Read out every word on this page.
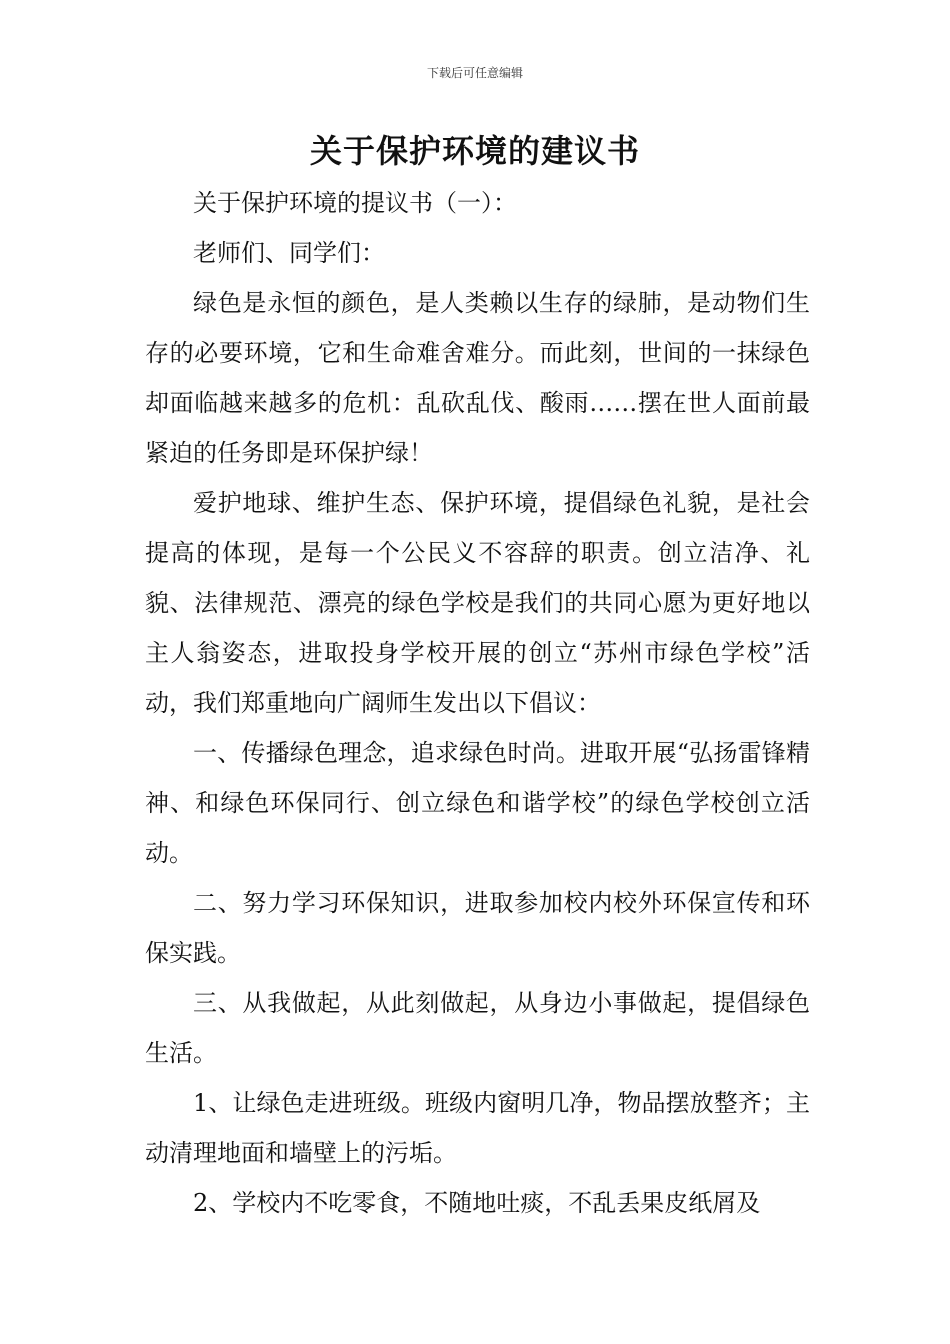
下载后可任意编辑
关于保护环境的建议书

关于保护环境的提议书（一）：

老师们、同学们：

绿色是永恒的颜色，是人类赖以生存的绿肺，是动物们生存的必要环境，它和生命难舍难分。而此刻，世间的一抹绿色却面临越来越多的危机：乱砍乱伐、酸雨……摆在世人面前最紧迫的任务即是环保护绿！

爱护地球、维护生态、保护环境，提倡绿色礼貌，是社会提高的体现，是每一个公民义不容辞的职责。创立洁净、礼貌、法律规范、漂亮的绿色学校是我们的共同心愿为更好地以主人翁姿态，进取投身学校开展的创立“苏州市绿色学校”活动，我们郑重地向广阔师生发出以下倡议：

一、传播绿色理念，追求绿色时尚。进取开展“弘扬雷锋精神、和绿色环保同行、创立绿色和谐学校”的绿色学校创立活动。

二、努力学习环保知识，进取参加校内校外环保宣传和环保实践。

三、从我做起，从此刻做起，从身边小事做起，提倡绿色生活。

1、让绿色走进班级。班级内窗明几净，物品摆放整齐；主动清理地面和墙壁上的污垢。

2、学校内不吃零食，不随地吐痰，不乱丢果皮纸屑及
